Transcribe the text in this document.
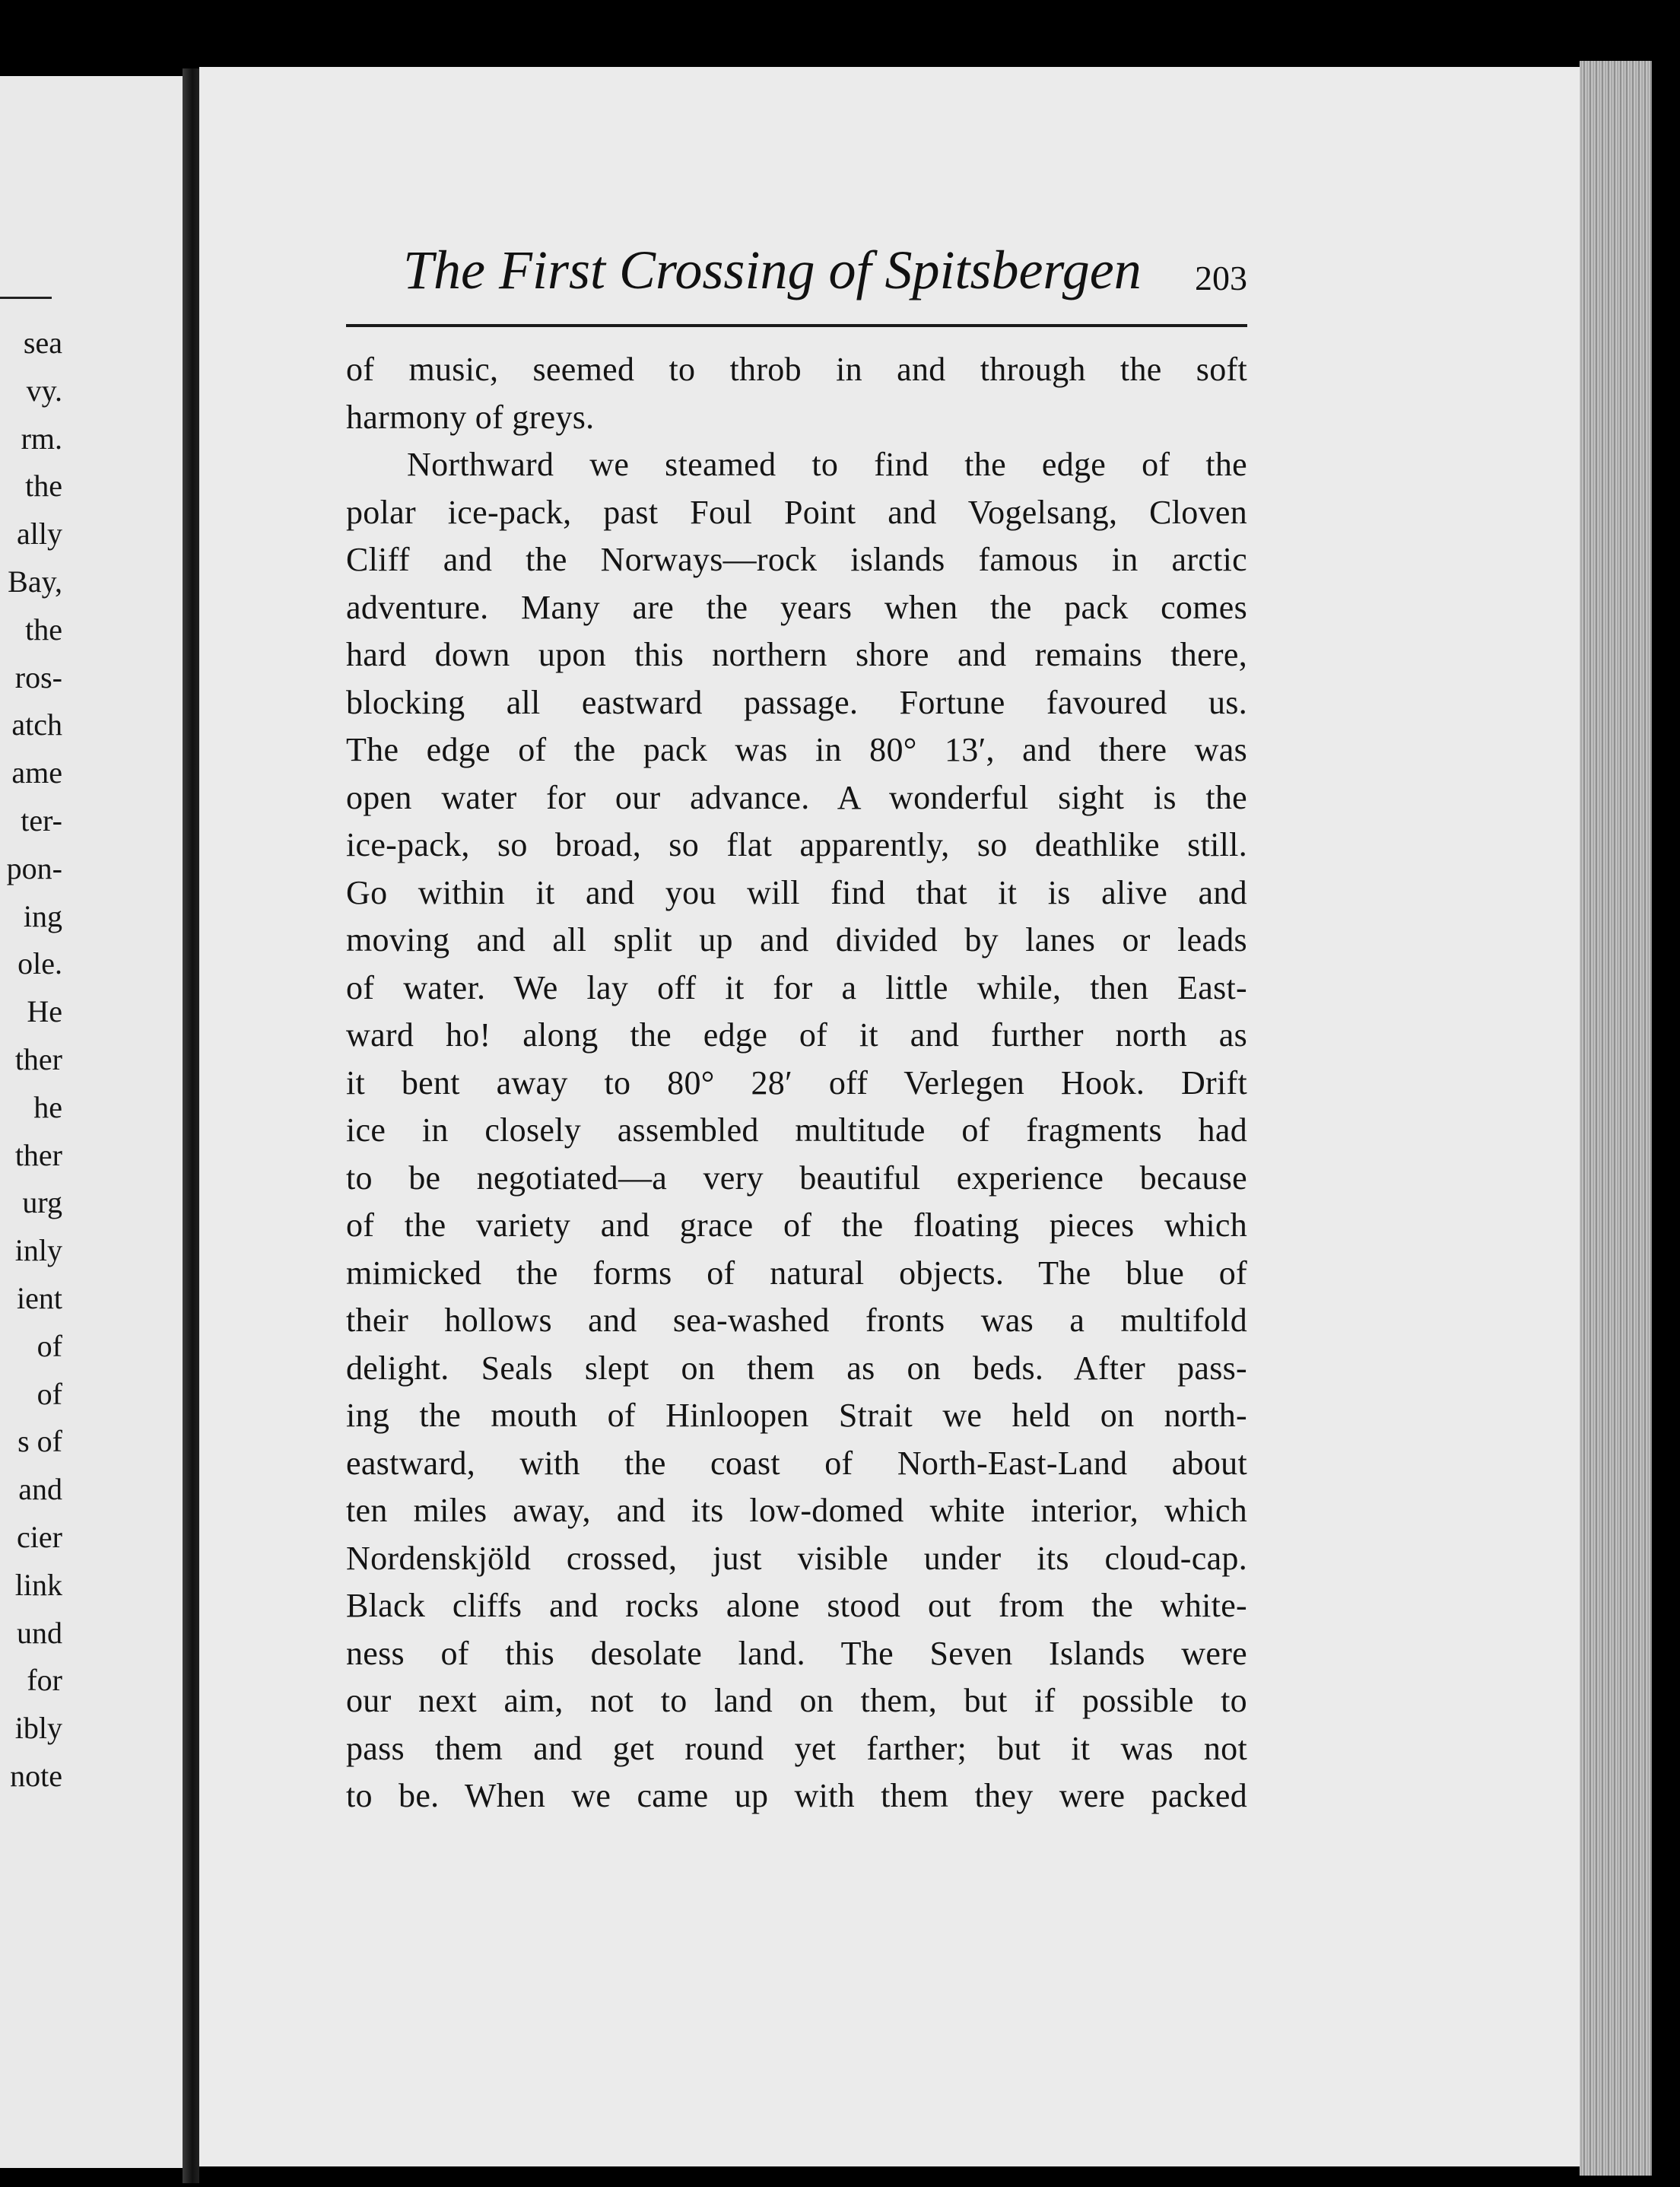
sea
vy.
rm.
the
ally
Bay,
the
ros-
atch
ame
ter-
pon-
ing
ole.
He
ther
he
ther
urg
inly
ient
of
of
s of
and
cier
link
und
for
ibly
note
The First Crossing of Spitsbergen 203
of music, seemed to throb in and through the soft
harmony of greys.
Northward we steamed to find the edge of the
polar ice-pack, past Foul Point and Vogelsang, Cloven
Cliff and the Norways—rock islands famous in arctic
adventure. Many are the years when the pack comes
hard down upon this northern shore and remains there,
blocking all eastward passage. Fortune favoured us.
The edge of the pack was in 80° 13′, and there was
open water for our advance. A wonderful sight is the
ice-pack, so broad, so flat apparently, so deathlike still.
Go within it and you will find that it is alive and
moving and all split up and divided by lanes or leads
of water. We lay off it for a little while, then East-
ward ho! along the edge of it and further north as
it bent away to 80° 28′ off Verlegen Hook. Drift
ice in closely assembled multitude of fragments had
to be negotiated—a very beautiful experience because
of the variety and grace of the floating pieces which
mimicked the forms of natural objects. The blue of
their hollows and sea-washed fronts was a multifold
delight. Seals slept on them as on beds. After pass-
ing the mouth of Hinloopen Strait we held on north-
eastward, with the coast of North-East-Land about
ten miles away, and its low-domed white interior, which
Nordenskjöld crossed, just visible under its cloud-cap.
Black cliffs and rocks alone stood out from the white-
ness of this desolate land. The Seven Islands were
our next aim, not to land on them, but if possible to
pass them and get round yet farther; but it was not
to be. When we came up with them they were packed
